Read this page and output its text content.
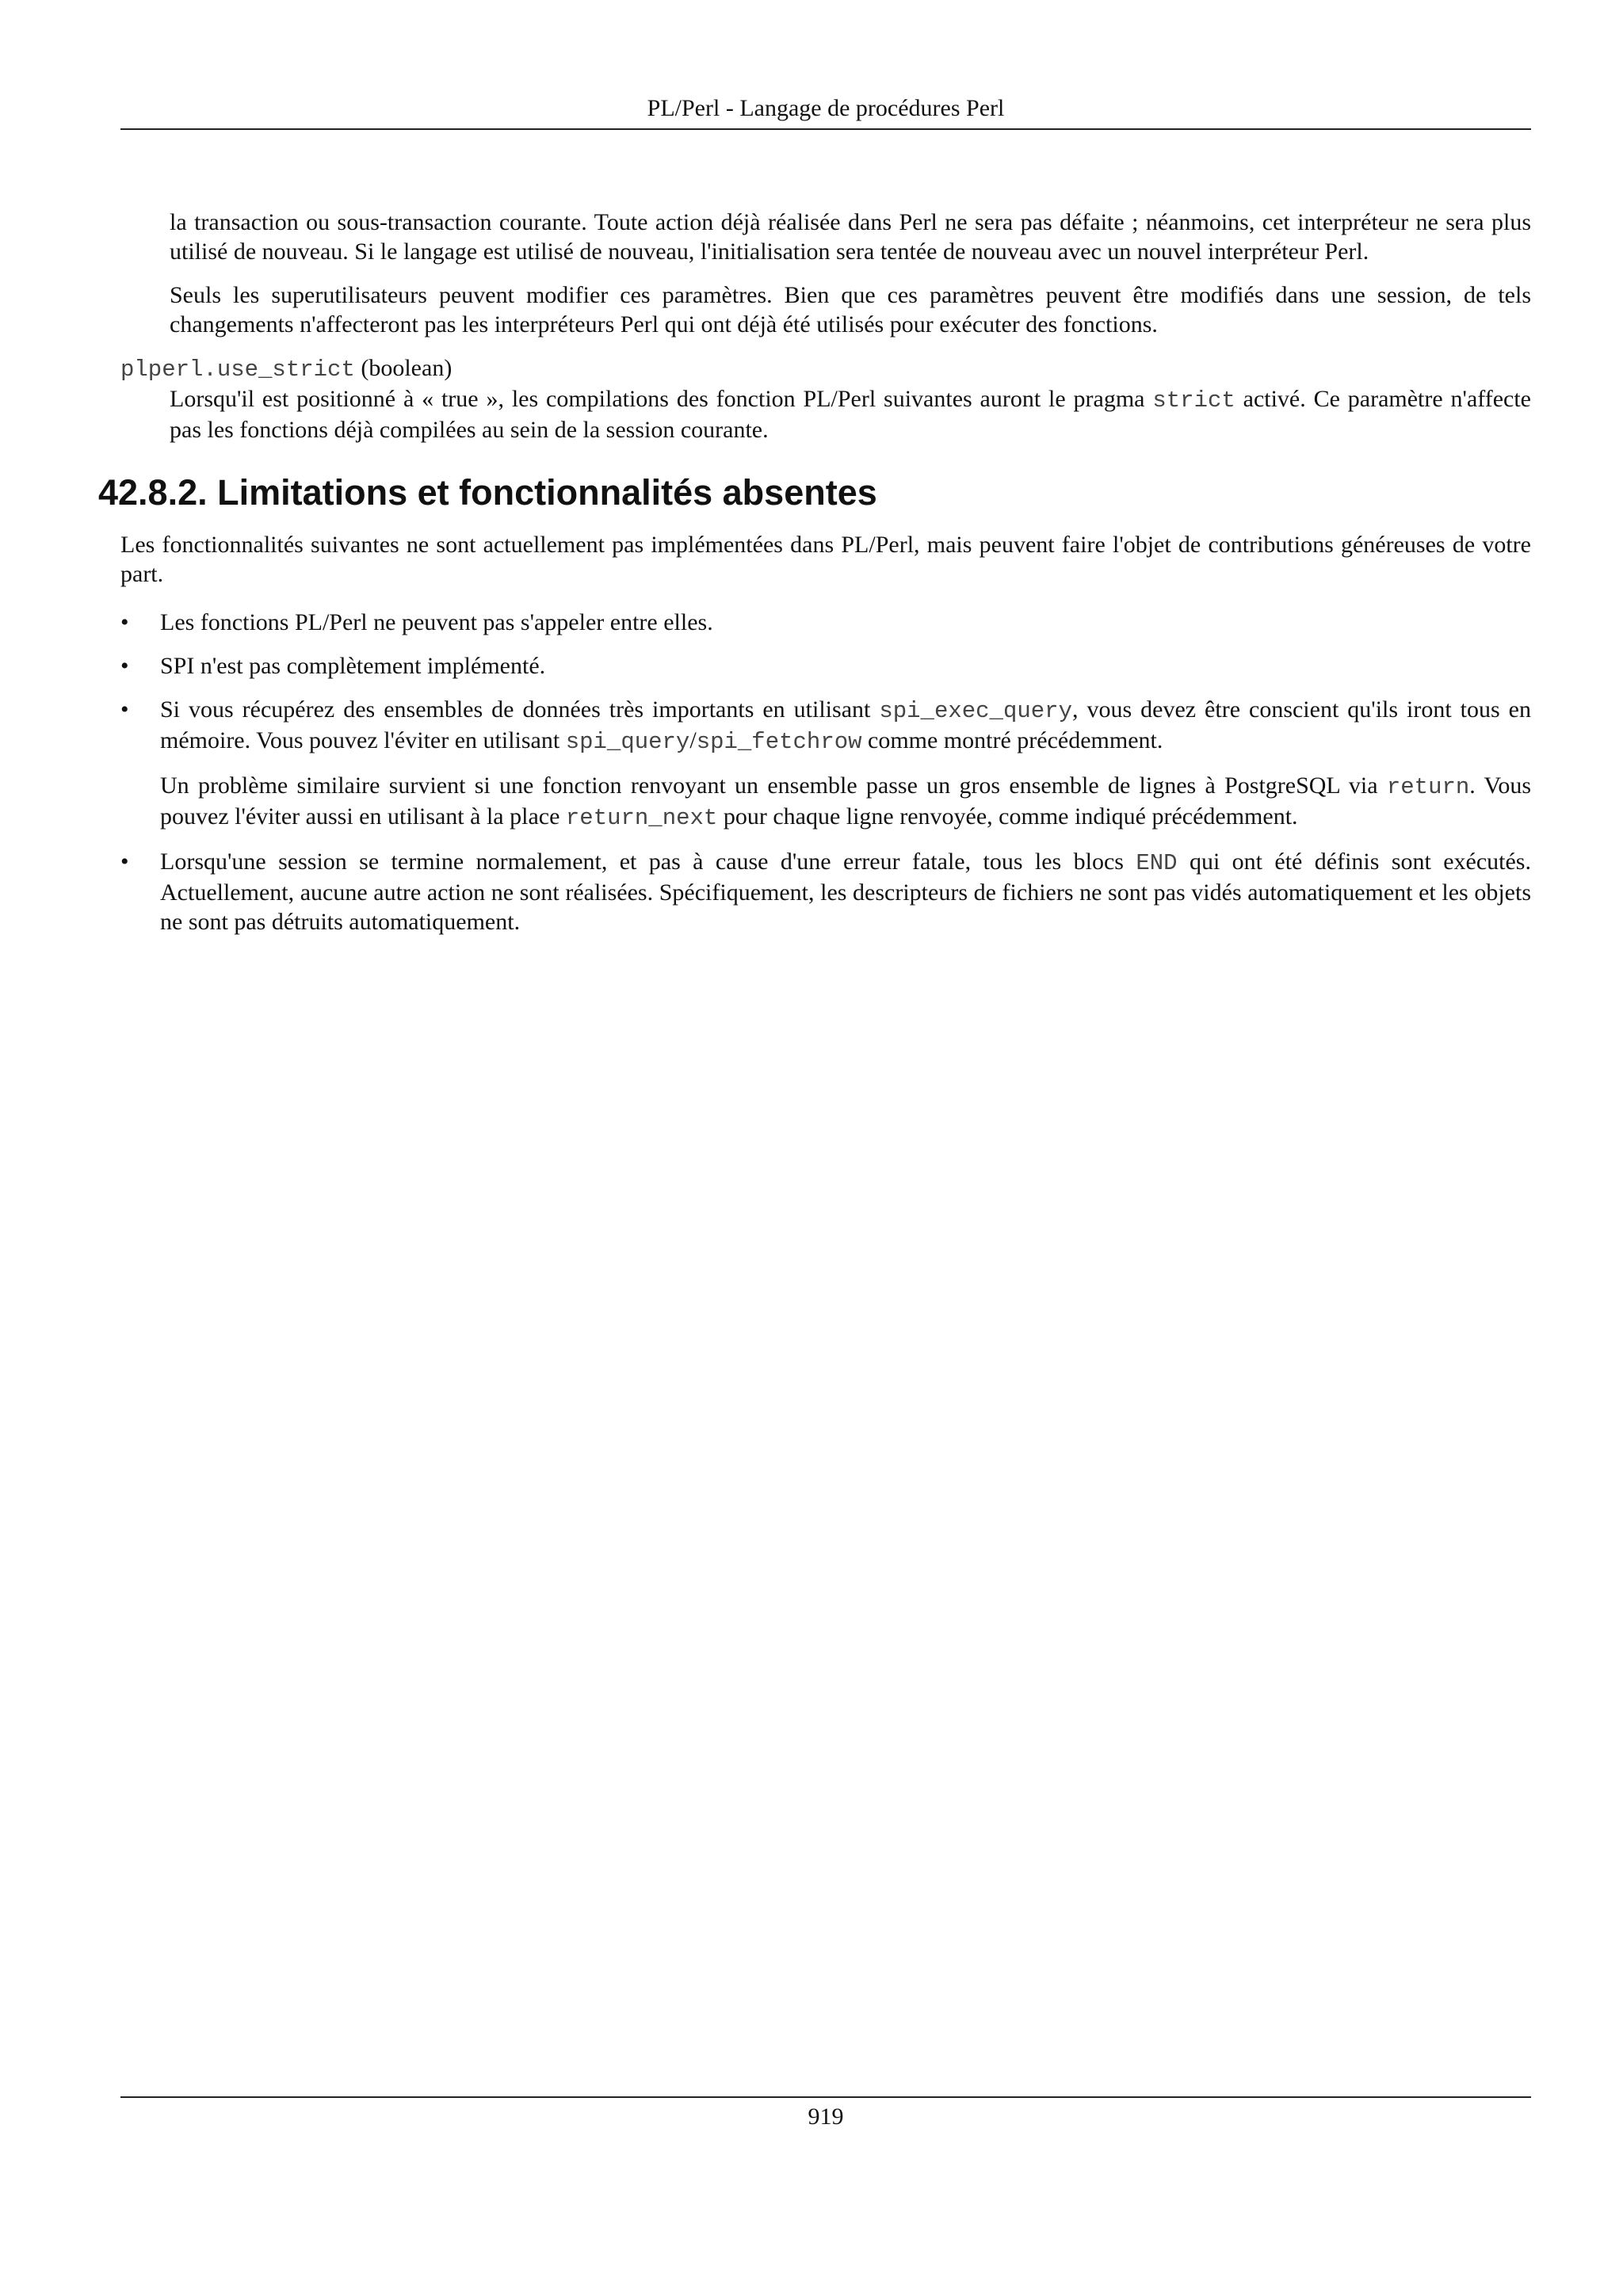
PL/Perl - Langage de procédures Perl

la transaction ou sous-transaction courante. Toute action déjà réalisée dans Perl ne sera pas défaite ; néanmoins, cet interpréteur ne sera plus utilisé de nouveau. Si le langage est utilisé de nouveau, l'initialisation sera tentée de nouveau avec un nouvel interpréteur Perl.

Seuls les superutilisateurs peuvent modifier ces paramètres. Bien que ces paramètres peuvent être modifiés dans une session, de tels changements n'affecteront pas les interpréteurs Perl qui ont déjà été utilisés pour exécuter des fonctions.

plperl.use_strict (boolean)

Lorsqu'il est positionné à « true », les compilations des fonction PL/Perl suivantes auront le pragma strict activé. Ce paramètre n'affecte pas les fonctions déjà compilées au sein de la session courante.

42.8.2. Limitations et fonctionnalités absentes

Les fonctionnalités suivantes ne sont actuellement pas implémentées dans PL/Perl, mais peuvent faire l'objet de contributions généreuses de votre part.

•	Les fonctions PL/Perl ne peuvent pas s'appeler entre elles.
•	SPI n'est pas complètement implémenté.
•	Si vous récupérez des ensembles de données très importants en utilisant spi_exec_query, vous devez être conscient qu'ils iront tous en mémoire. Vous pouvez l'éviter en utilisant spi_query/spi_fetchrow comme montré précédemment.

Un problème similaire survient si une fonction renvoyant un ensemble passe un gros ensemble de lignes à PostgreSQL via return. Vous pouvez l'éviter aussi en utilisant à la place return_next pour chaque ligne renvoyée, comme indiqué précédemment.

•	Lorsqu'une session se termine normalement, et pas à cause d'une erreur fatale, tous les blocs END qui ont été définis sont exécutés. Actuellement, aucune autre action ne sont réalisées. Spécifiquement, les descripteurs de fichiers ne sont pas vidés automatiquement et les objets ne sont pas détruits automatiquement.

919
